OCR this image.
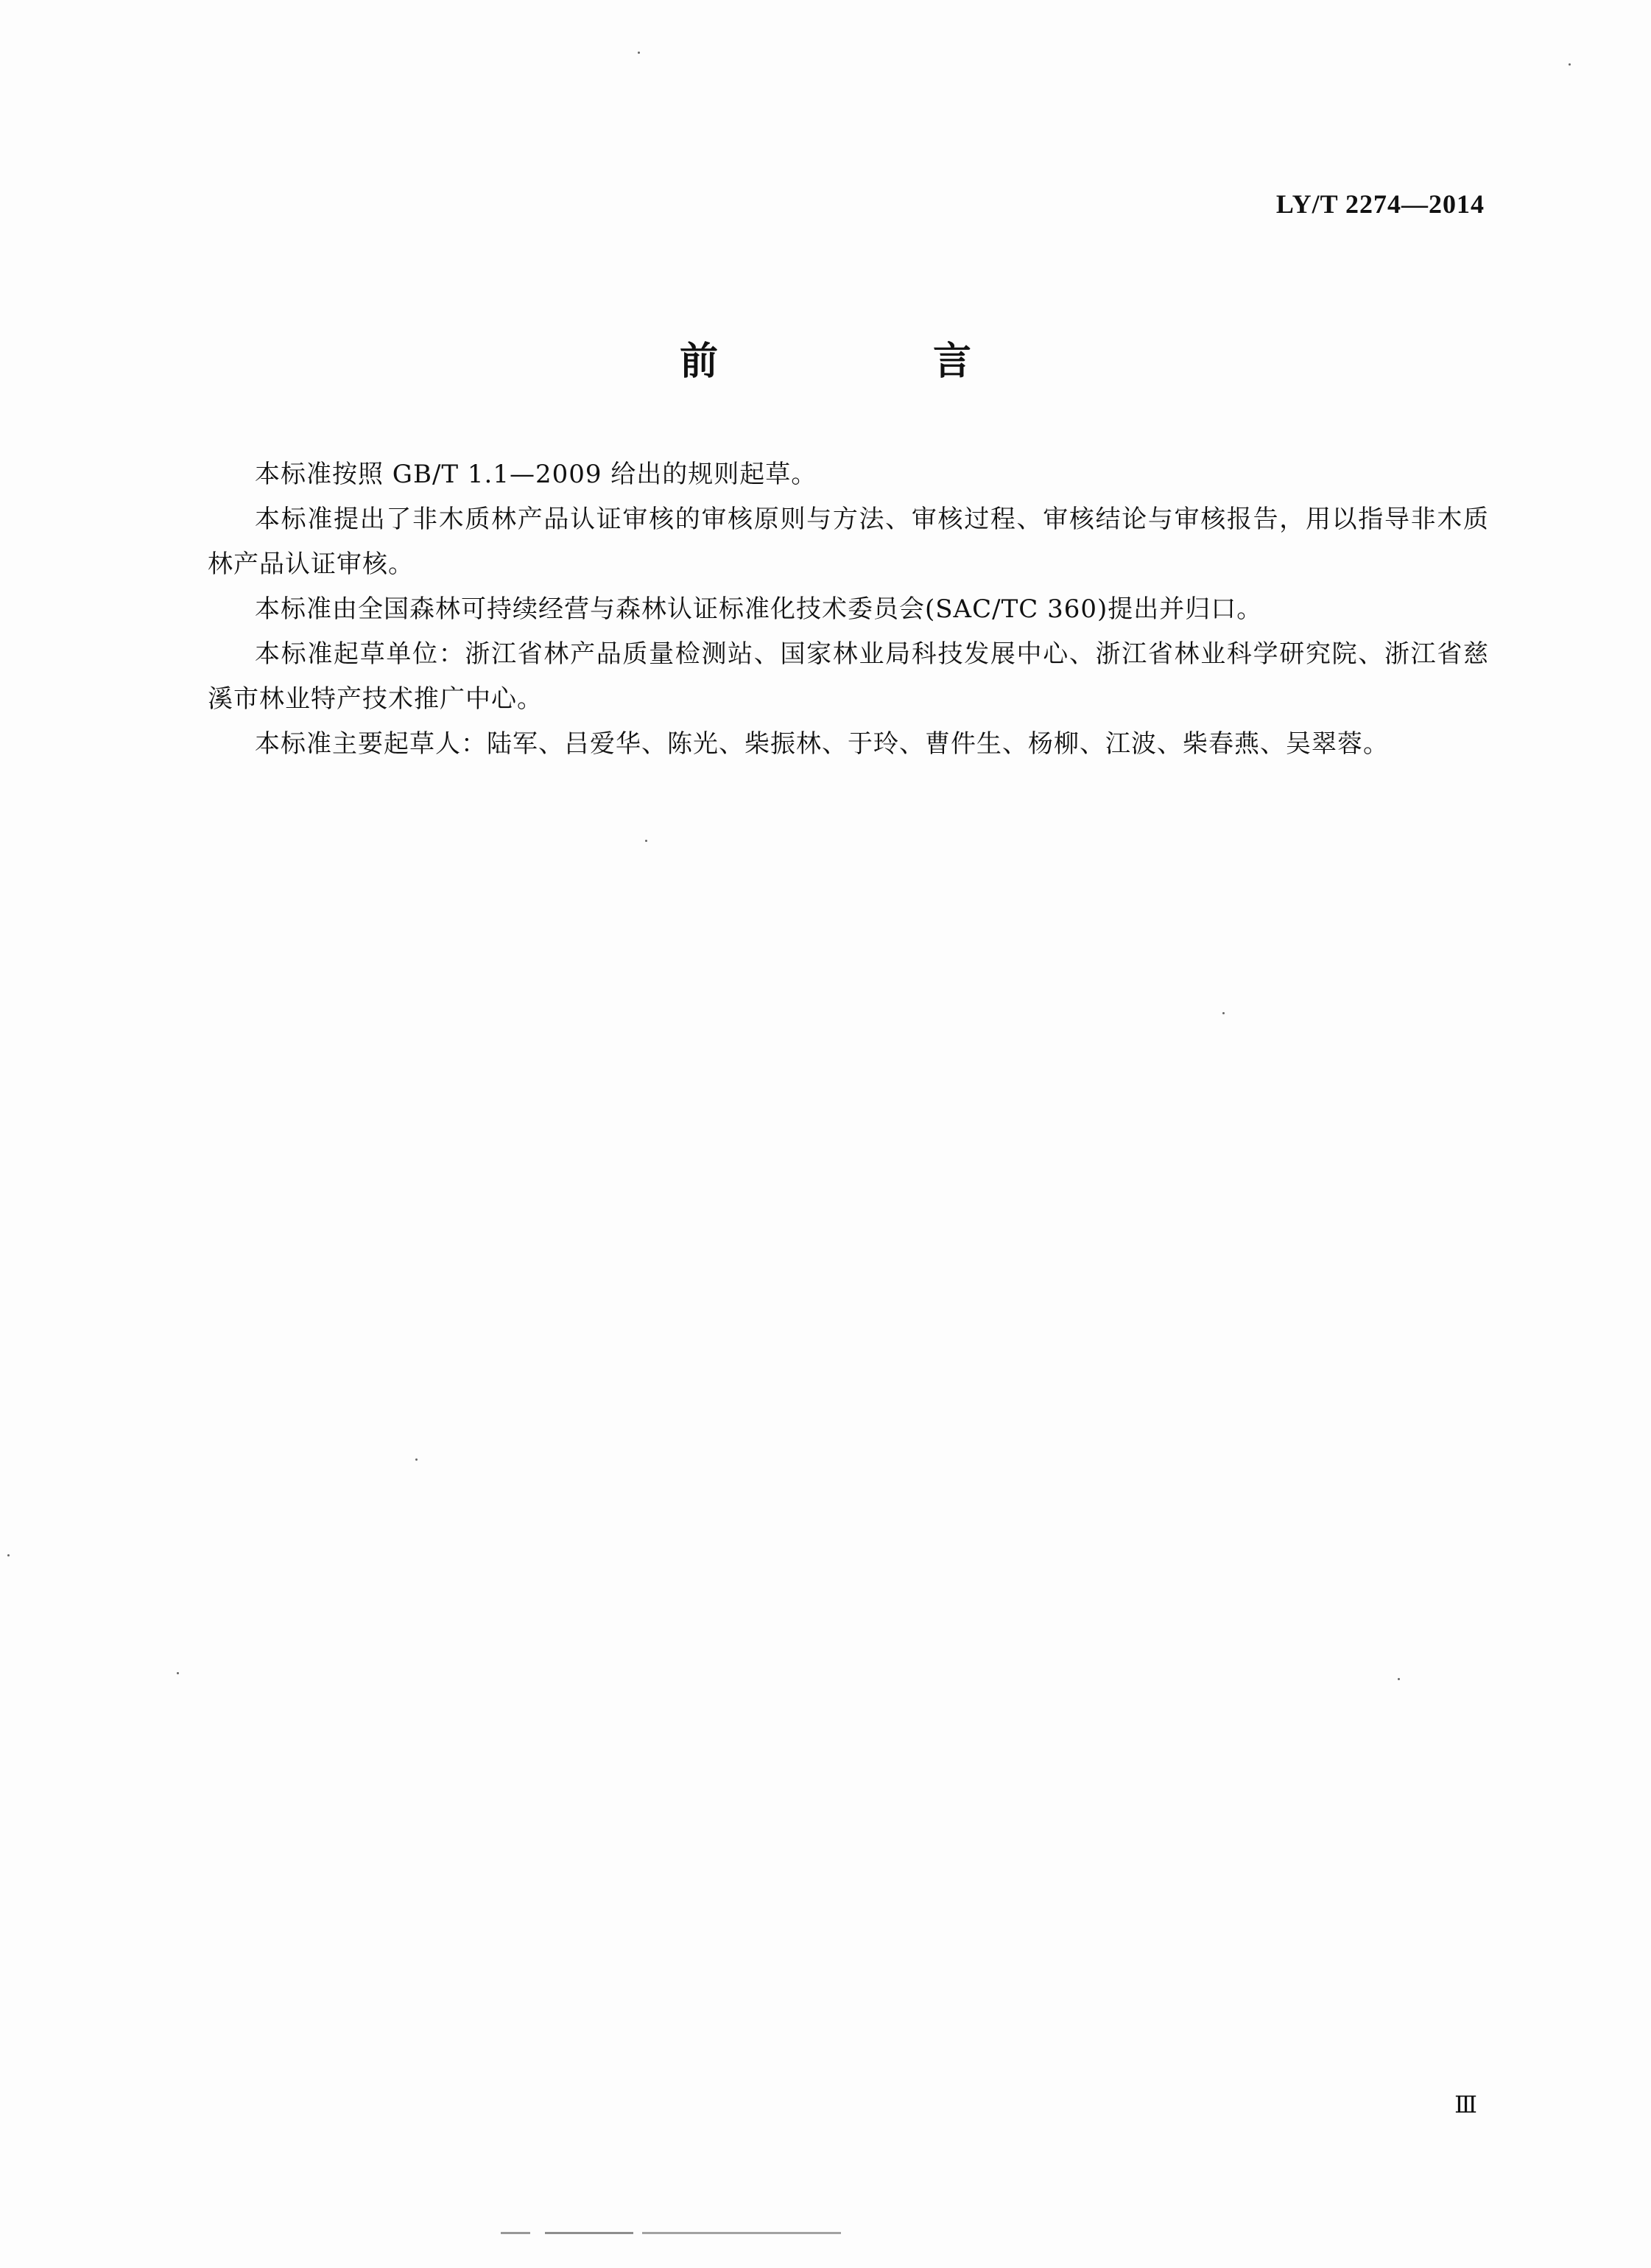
LY/T 2274—2014
前　言

本标准按照 GB/T 1.1—2009 给出的规则起草。

本标准提出了非木质林产品认证审核的审核原则与方法、审核过程、审核结论与审核报告，用以指导非木质林产品认证审核。

本标准由全国森林可持续经营与森林认证标准化技术委员会(SAC/TC 360)提出并归口。

本标准起草单位：浙江省林产品质量检测站、国家林业局科技发展中心、浙江省林业科学研究院、浙江省慈溪市林业特产技术推广中心。

本标准主要起草人：陆军、吕爱华、陈光、柴振林、于玲、曹件生、杨柳、江波、柴春燕、吴翠蓉。

Ⅲ
